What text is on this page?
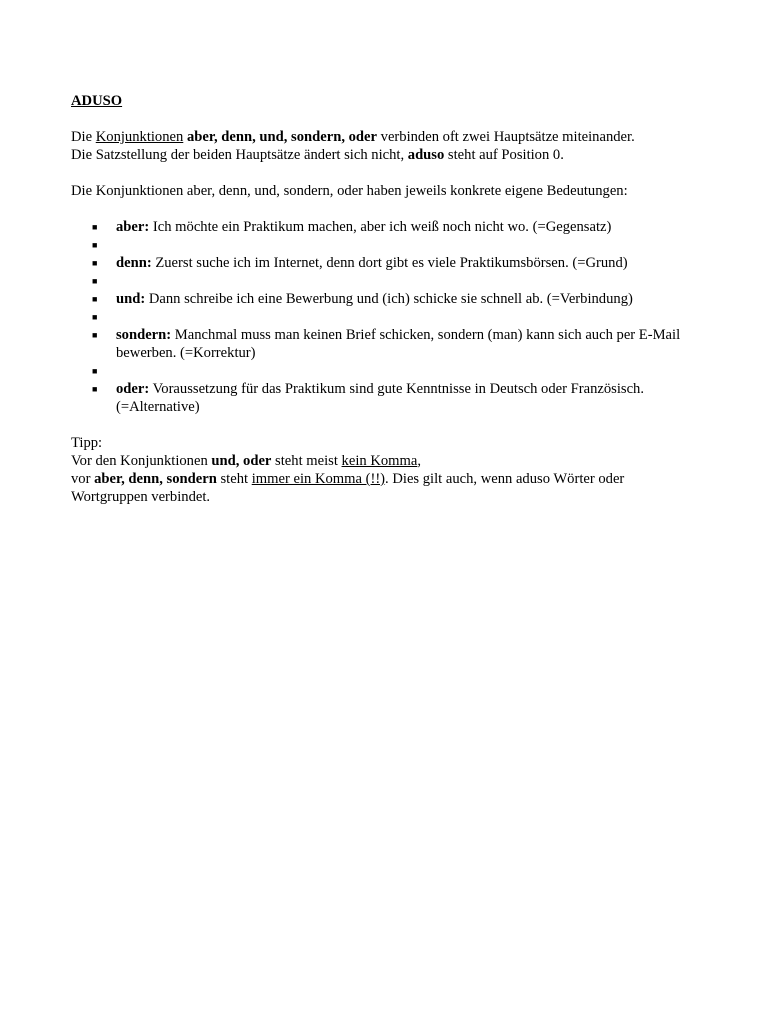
ADUSO

Die Konjunktionen aber, denn, und, sondern, oder verbinden oft zwei Hauptsätze miteinander.
Die Satzstellung der beiden Hauptsätze ändert sich nicht, aduso steht auf Position 0.

Die Konjunktionen aber, denn, und, sondern, oder haben jeweils konkrete eigene Bedeutungen:

■	aber: Ich möchte ein Praktikum machen, aber ich weiß noch nicht wo. (=Gegensatz)
■
■	denn: Zuerst suche ich im Internet, denn dort gibt es viele Praktikumsbörsen. (=Grund)
■
■	und: Dann schreibe ich eine Bewerbung und (ich) schicke sie schnell ab. (=Verbindung)
■
■	sondern: Manchmal muss man keinen Brief schicken, sondern (man) kann sich auch per E-Mail bewerben. (=Korrektur)
■
■	oder: Voraussetzung für das Praktikum sind gute Kenntnisse in Deutsch oder Französisch. (=Alternative)

Tipp:
Vor den Konjunktionen und, oder steht meist kein Komma,
vor aber, denn, sondern steht immer ein Komma (!!). Dies gilt auch, wenn aduso Wörter oder Wortgruppen verbindet.
